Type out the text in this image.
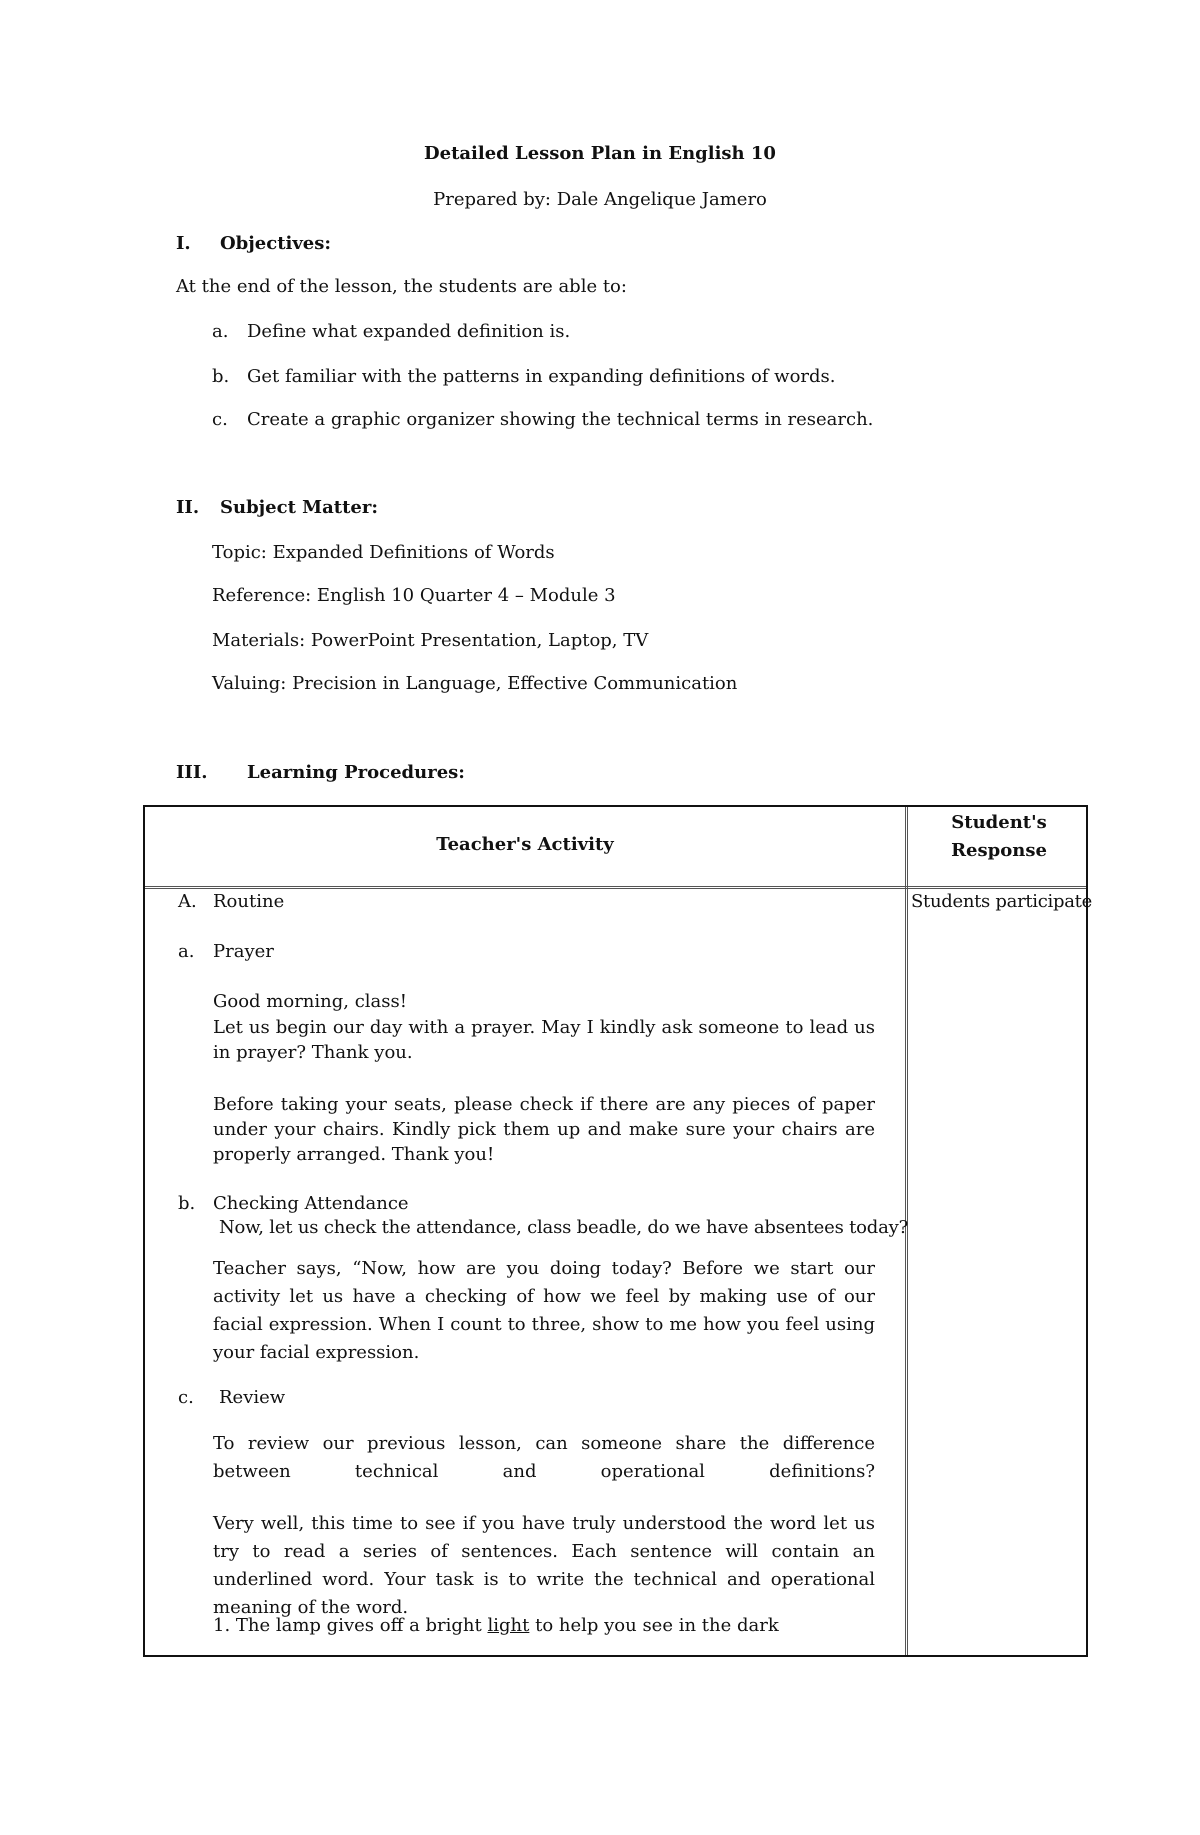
Detailed Lesson Plan in English 10
Prepared by: Dale Angelique Jamero
I. Objectives:
At the end of the lesson, the students are able to:
a. Define what expanded definition is.
b. Get familiar with the patterns in expanding definitions of words.
c. Create a graphic organizer showing the technical terms in research.
II. Subject Matter:
Topic: Expanded Definitions of Words
Reference: English 10 Quarter 4 – Module 3
Materials: PowerPoint Presentation, Laptop, TV
Valuing: Precision in Language, Effective Communication
III. Learning Procedures:
Teacher's Activity
Student's
Response
Students participate
A. Routine
a. Prayer
Good morning, class!
Let us begin our day with a prayer. May I kindly ask someone to lead us in prayer? Thank you.
Before taking your seats, please check if there are any pieces of paper under your chairs. Kindly pick them up and make sure your chairs are properly arranged. Thank you!
b. Checking Attendance
Now, let us check the attendance, class beadle, do we have absentees today?
Teacher says, “Now, how are you doing today? Before we start our activity let us have a checking of how we feel by making use of our facial expression. When I count to three, show to me how you feel using your facial expression.
c. Review
To review our previous lesson, can someone share the difference between technical and operational definitions?
Very well, this time to see if you have truly understood the word let us try to read a series of sentences. Each sentence will contain an underlined word. Your task is to write the technical and operational meaning of the word.
1. The lamp gives off a bright light to help you see in the dark
